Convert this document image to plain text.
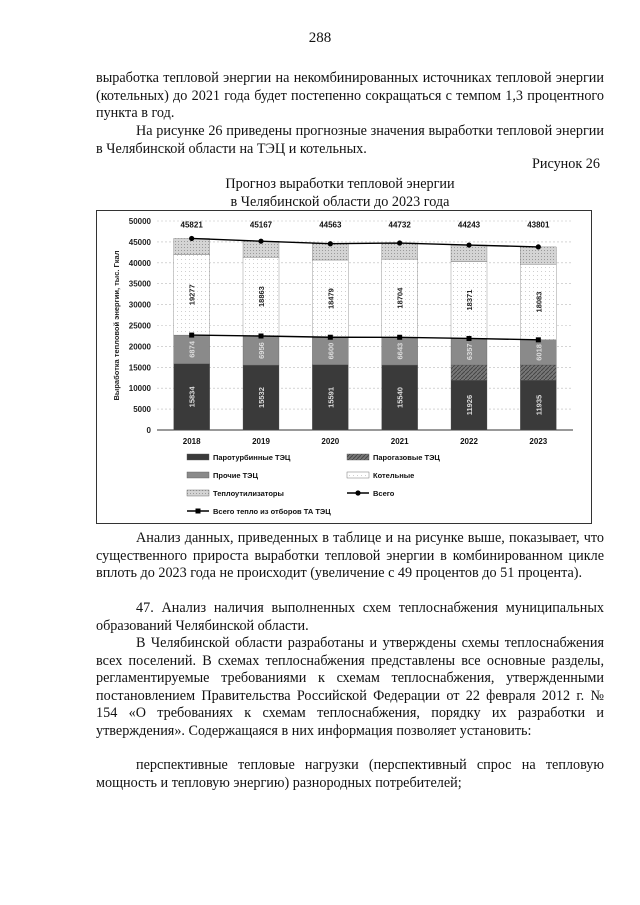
288
выработка тепловой энергии на некомбинированных источниках тепловой энергии (котельных) до 2021 года будет постепенно сокращаться с темпом 1,3 процентного пункта в год.
На рисунке 26 приведены прогнозные значения выработки тепловой энергии в Челябинской области на ТЭЦ и котельных.
Рисунок 26
Прогноз выработки тепловой энергии
в Челябинской области до 2023 года
0
5000
10000
15000
20000
25000
30000
35000
40000
45000
50000
Выработка тепловой энергии, тыс. Гкал	15834
6874
19277
45821
2018
15532
6956
18863
45167
2019
15591
6600
18479
44563
2020
15540
6643
18704
44732
2021
11926
6357
18371
44243
2022
11935
6018
18083
43801
2023
Паротурбинные ТЭЦ	Парогазовые ТЭЦ
Прочие ТЭЦ	Котельные
Теплоутилизаторы	Всего
Всего тепло из отборов ТА ТЭЦ
Анализ данных, приведенных в таблице и на рисунке выше, показывает, что существенного прироста выработки тепловой энергии в комбинированном цикле вплоть до 2023 года не происходит (увеличение с 49 процентов до 51 процента).
47. Анализ наличия выполненных схем теплоснабжения муниципальных образований Челябинской области.
В Челябинской области разработаны и утверждены схемы теплоснабжения всех поселений. В схемах теплоснабжения представлены все основные разделы, регламентируемые требованиями к схемам теплоснабжения, утвержденными постановлением Правительства Российской Федерации от 22 февраля 2012 г. № 154 «О требованиях к схемам теплоснабжения, порядку их разработки и утверждения». Содержащаяся в них информация позволяет установить:
перспективные тепловые нагрузки (перспективный спрос на тепловую мощность и тепловую энергию) разнородных потребителей;
